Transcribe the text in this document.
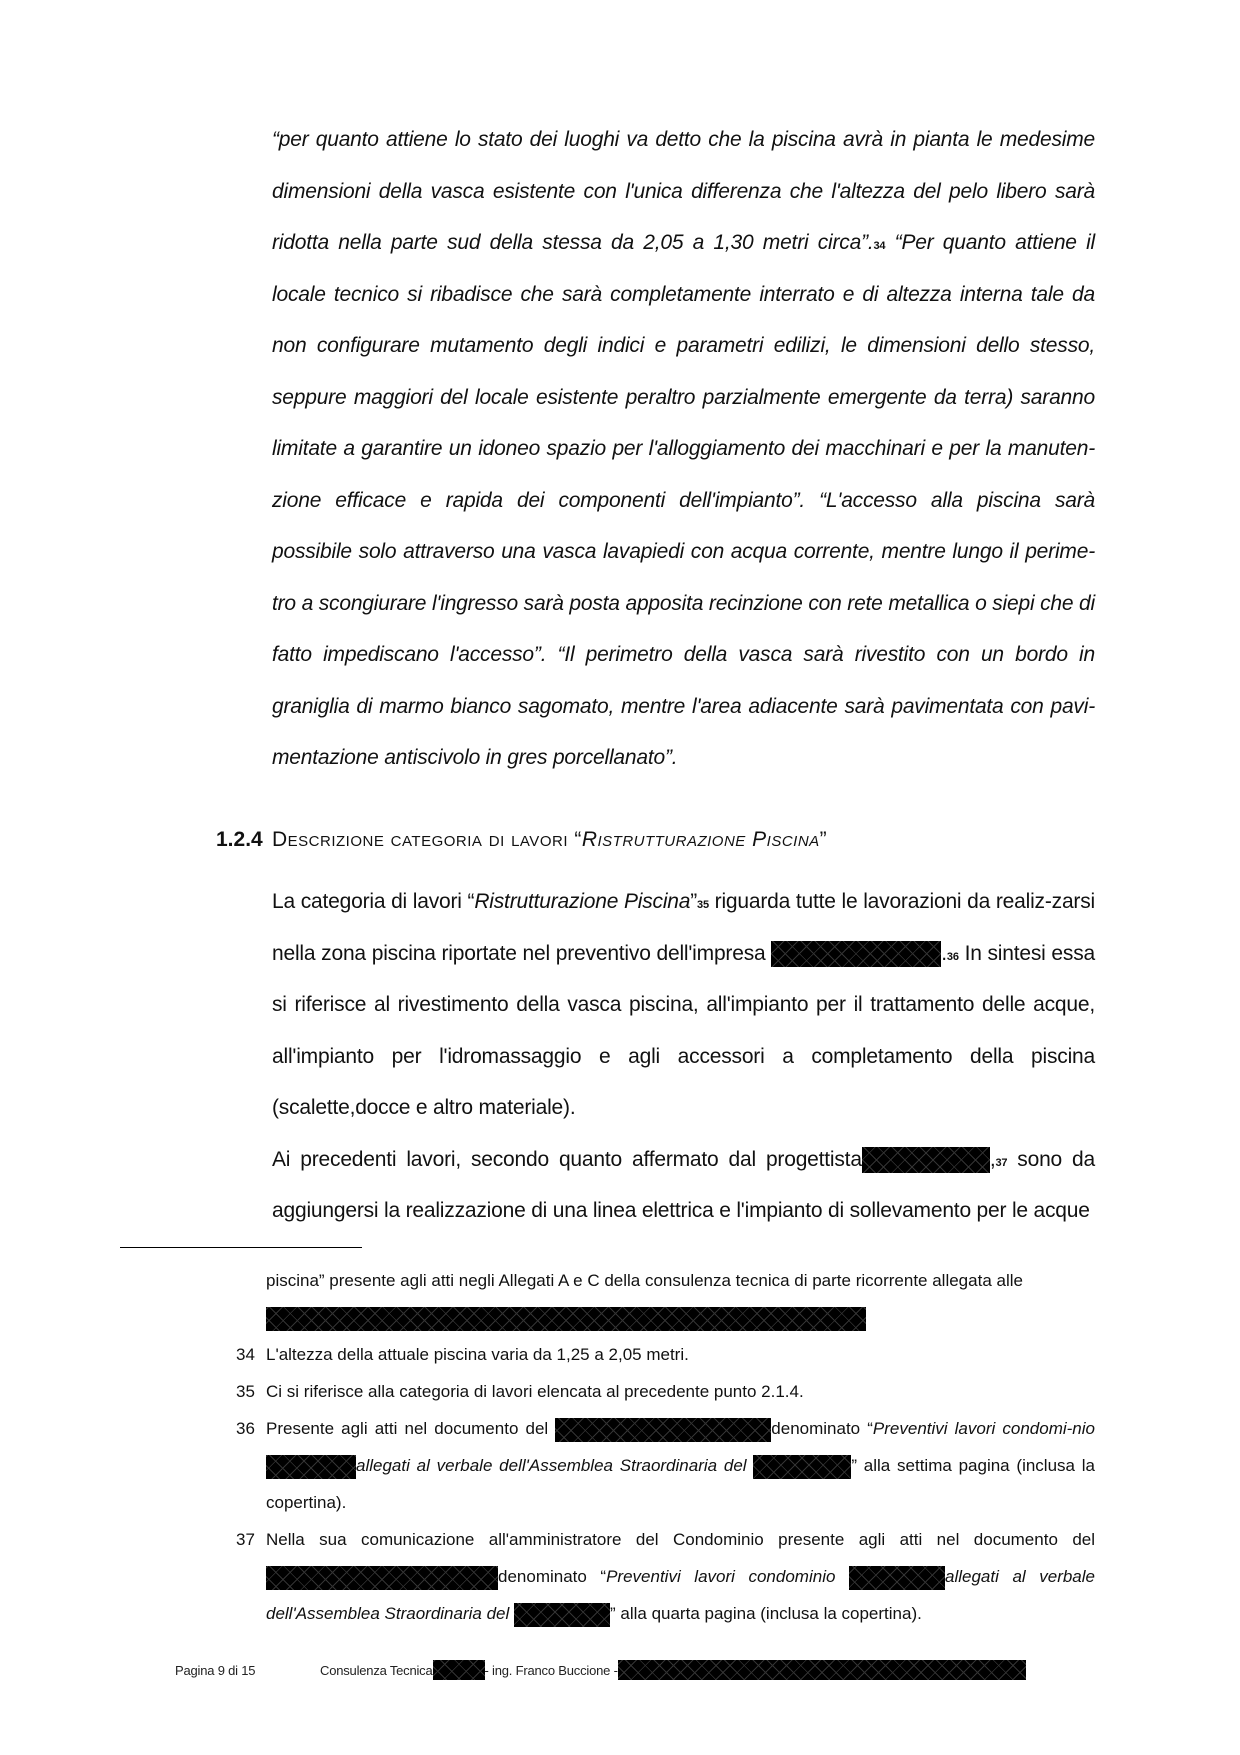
“per quanto attiene lo stato dei luoghi va detto che la piscina avrà in pianta le medesime dimensioni della vasca esistente con l'unica differenza che l'altezza del pelo libero sarà ridotta nella parte sud della stessa da 2,05 a 1,30 metri circa”.$^{34}$ “Per quanto attiene il locale tecnico si ribadisce che sarà completamente interrato e di altezza interna tale da non configurare mutamento degli indici e parametri edilizi, le dimensioni dello stesso, seppure maggiori del locale esistente peraltro parzialmente emergente da terra) saranno limitate a garantire un idoneo spazio per l'alloggiamento dei macchinari e per la manuten-zione efficace e rapida dei componenti dell'impianto”. “L'accesso alla piscina sarà possibile solo attraverso una vasca lavapiedi con acqua corrente, mentre lungo il perime-tro a scongiurare l'ingresso sarà posta apposita recinzione con rete metallica o siepi che di fatto impediscano l'accesso”. “Il perimetro della vasca sarà rivestito con un bordo in graniglia di marmo bianco sagomato, mentre l'area adiacente sarà pavimentata con pavi-mentazione antiscivolo in gres porcellanato”.
1.2.4 Descrizione categoria di lavori “Ristrutturazione Piscina”

La categoria di lavori “Ristrutturazione Piscina”$^{35}$ riguarda tutte le lavorazioni da realiz-zarsi nella zona piscina riportate nel preventivo dell'impresa	.$^{36}$ In sintesi essa si riferisce al rivestimento della vasca piscina, all'impianto per il trattamento delle acque, all'impianto per l'idromassaggio e agli accessori a completamento della piscina (scalette,docce e altro materiale).

Ai precedenti lavori, secondo quanto affermato dal progettista	,$^{37}$ sono da aggiungersi la realizzazione di una linea elettrica e l'impianto di sollevamento per le acque

piscina” presente agli atti negli Allegati A e C della consulenza tecnica di parte ricorrente allegata alle

34 L'altezza della attuale piscina varia da 1,25 a 2,05 metri.
35 Ci si riferisce alla categoria di lavori elencata al precedente punto 2.1.4.
36 Presente agli atti nel documento del	denominato “Preventivi lavori condomi-nio allegati al verbale dell'Assemblea Straordinaria del	” alla settima pagina (inclusa la copertina).
37 Nella sua comunicazione all'amministratore del Condominio presente agli atti nel documento del denominato “Preventivi lavori condominio	allegati al verbale dell'Assemblea Straordinaria del	” alla quarta pagina (inclusa la copertina).
Pagina 9 di 15	Consulenza Tecnica	- ing. Franco Buccione -
